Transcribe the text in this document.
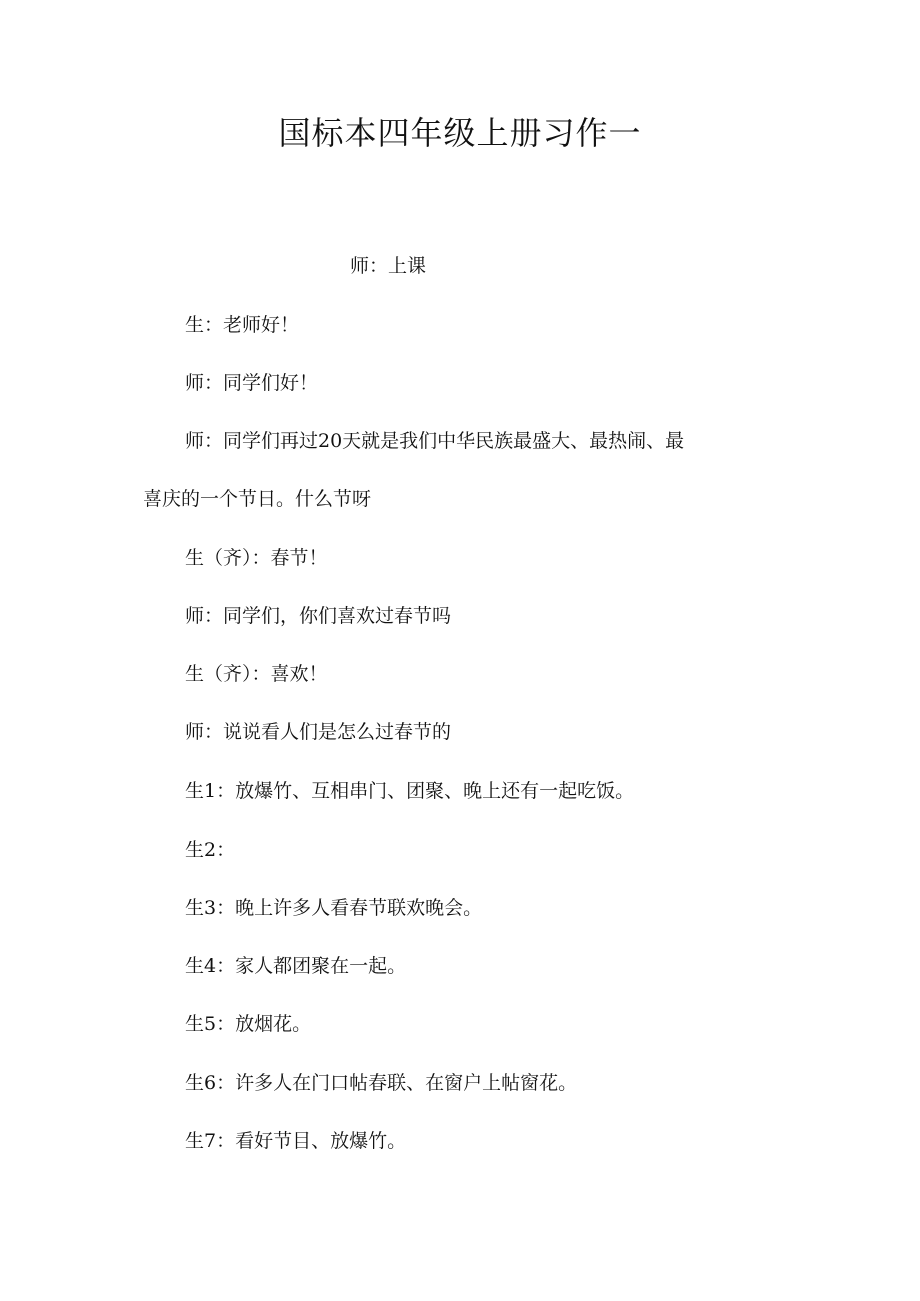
国标本四年级上册习作一
师：上课
生：老师好！
师：同学们好！
师：同学们再过20天就是我们中华民族最盛大、最热闹、最
喜庆的一个节日。什么节呀
生（齐）：春节！
师：同学们，你们喜欢过春节吗
生（齐）：喜欢！
师：说说看人们是怎么过春节的
生1：放爆竹、互相串门、团聚、晚上还有一起吃饭。
生2：
生3：晚上许多人看春节联欢晚会。
生4：家人都团聚在一起。
生5：放烟花。
生6：许多人在门口帖春联、在窗户上帖窗花。
生7：看好节目、放爆竹。
